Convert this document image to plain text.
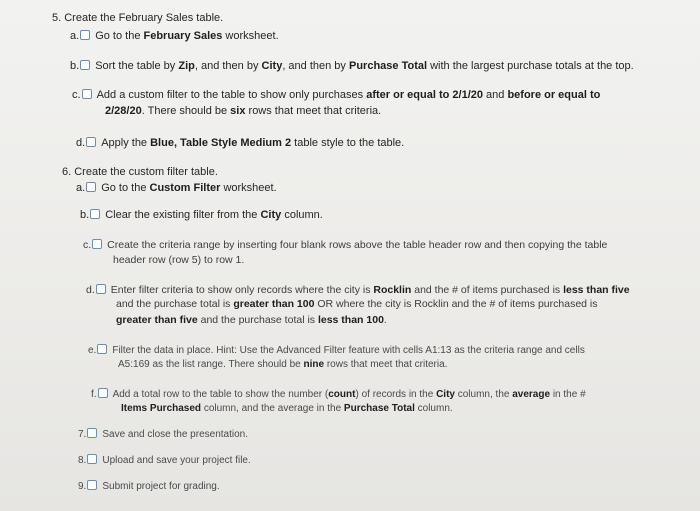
5. Create the February Sales table.
a. Go to the February Sales worksheet.
b. Sort the table by Zip, and then by City, and then by Purchase Total with the largest purchase totals at the top.
c. Add a custom filter to the table to show only purchases after or equal to 2/1/20 and before or equal to
2/28/20. There should be six rows that meet that criteria.
d. Apply the Blue, Table Style Medium 2 table style to the table.
6. Create the custom filter table.
a. Go to the Custom Filter worksheet.
b. Clear the existing filter from the City column.
c. Create the criteria range by inserting four blank rows above the table header row and then copying the table
header row (row 5) to row 1.
d. Enter filter criteria to show only records where the city is Rocklin and the # of items purchased is less than five
and the purchase total is greater than 100 OR where the city is Rocklin and the # of items purchased is
greater than five and the purchase total is less than 100.
e. Filter the data in place. Hint: Use the Advanced Filter feature with cells A1:13 as the criteria range and cells
A5:169 as the list range. There should be nine rows that meet that criteria.
f. Add a total row to the table to show the number (count) of records in the City column, the average in the #
Items Purchased column, and the average in the Purchase Total column.
7. Save and close the presentation.
8. Upload and save your project file.
9. Submit project for grading.
